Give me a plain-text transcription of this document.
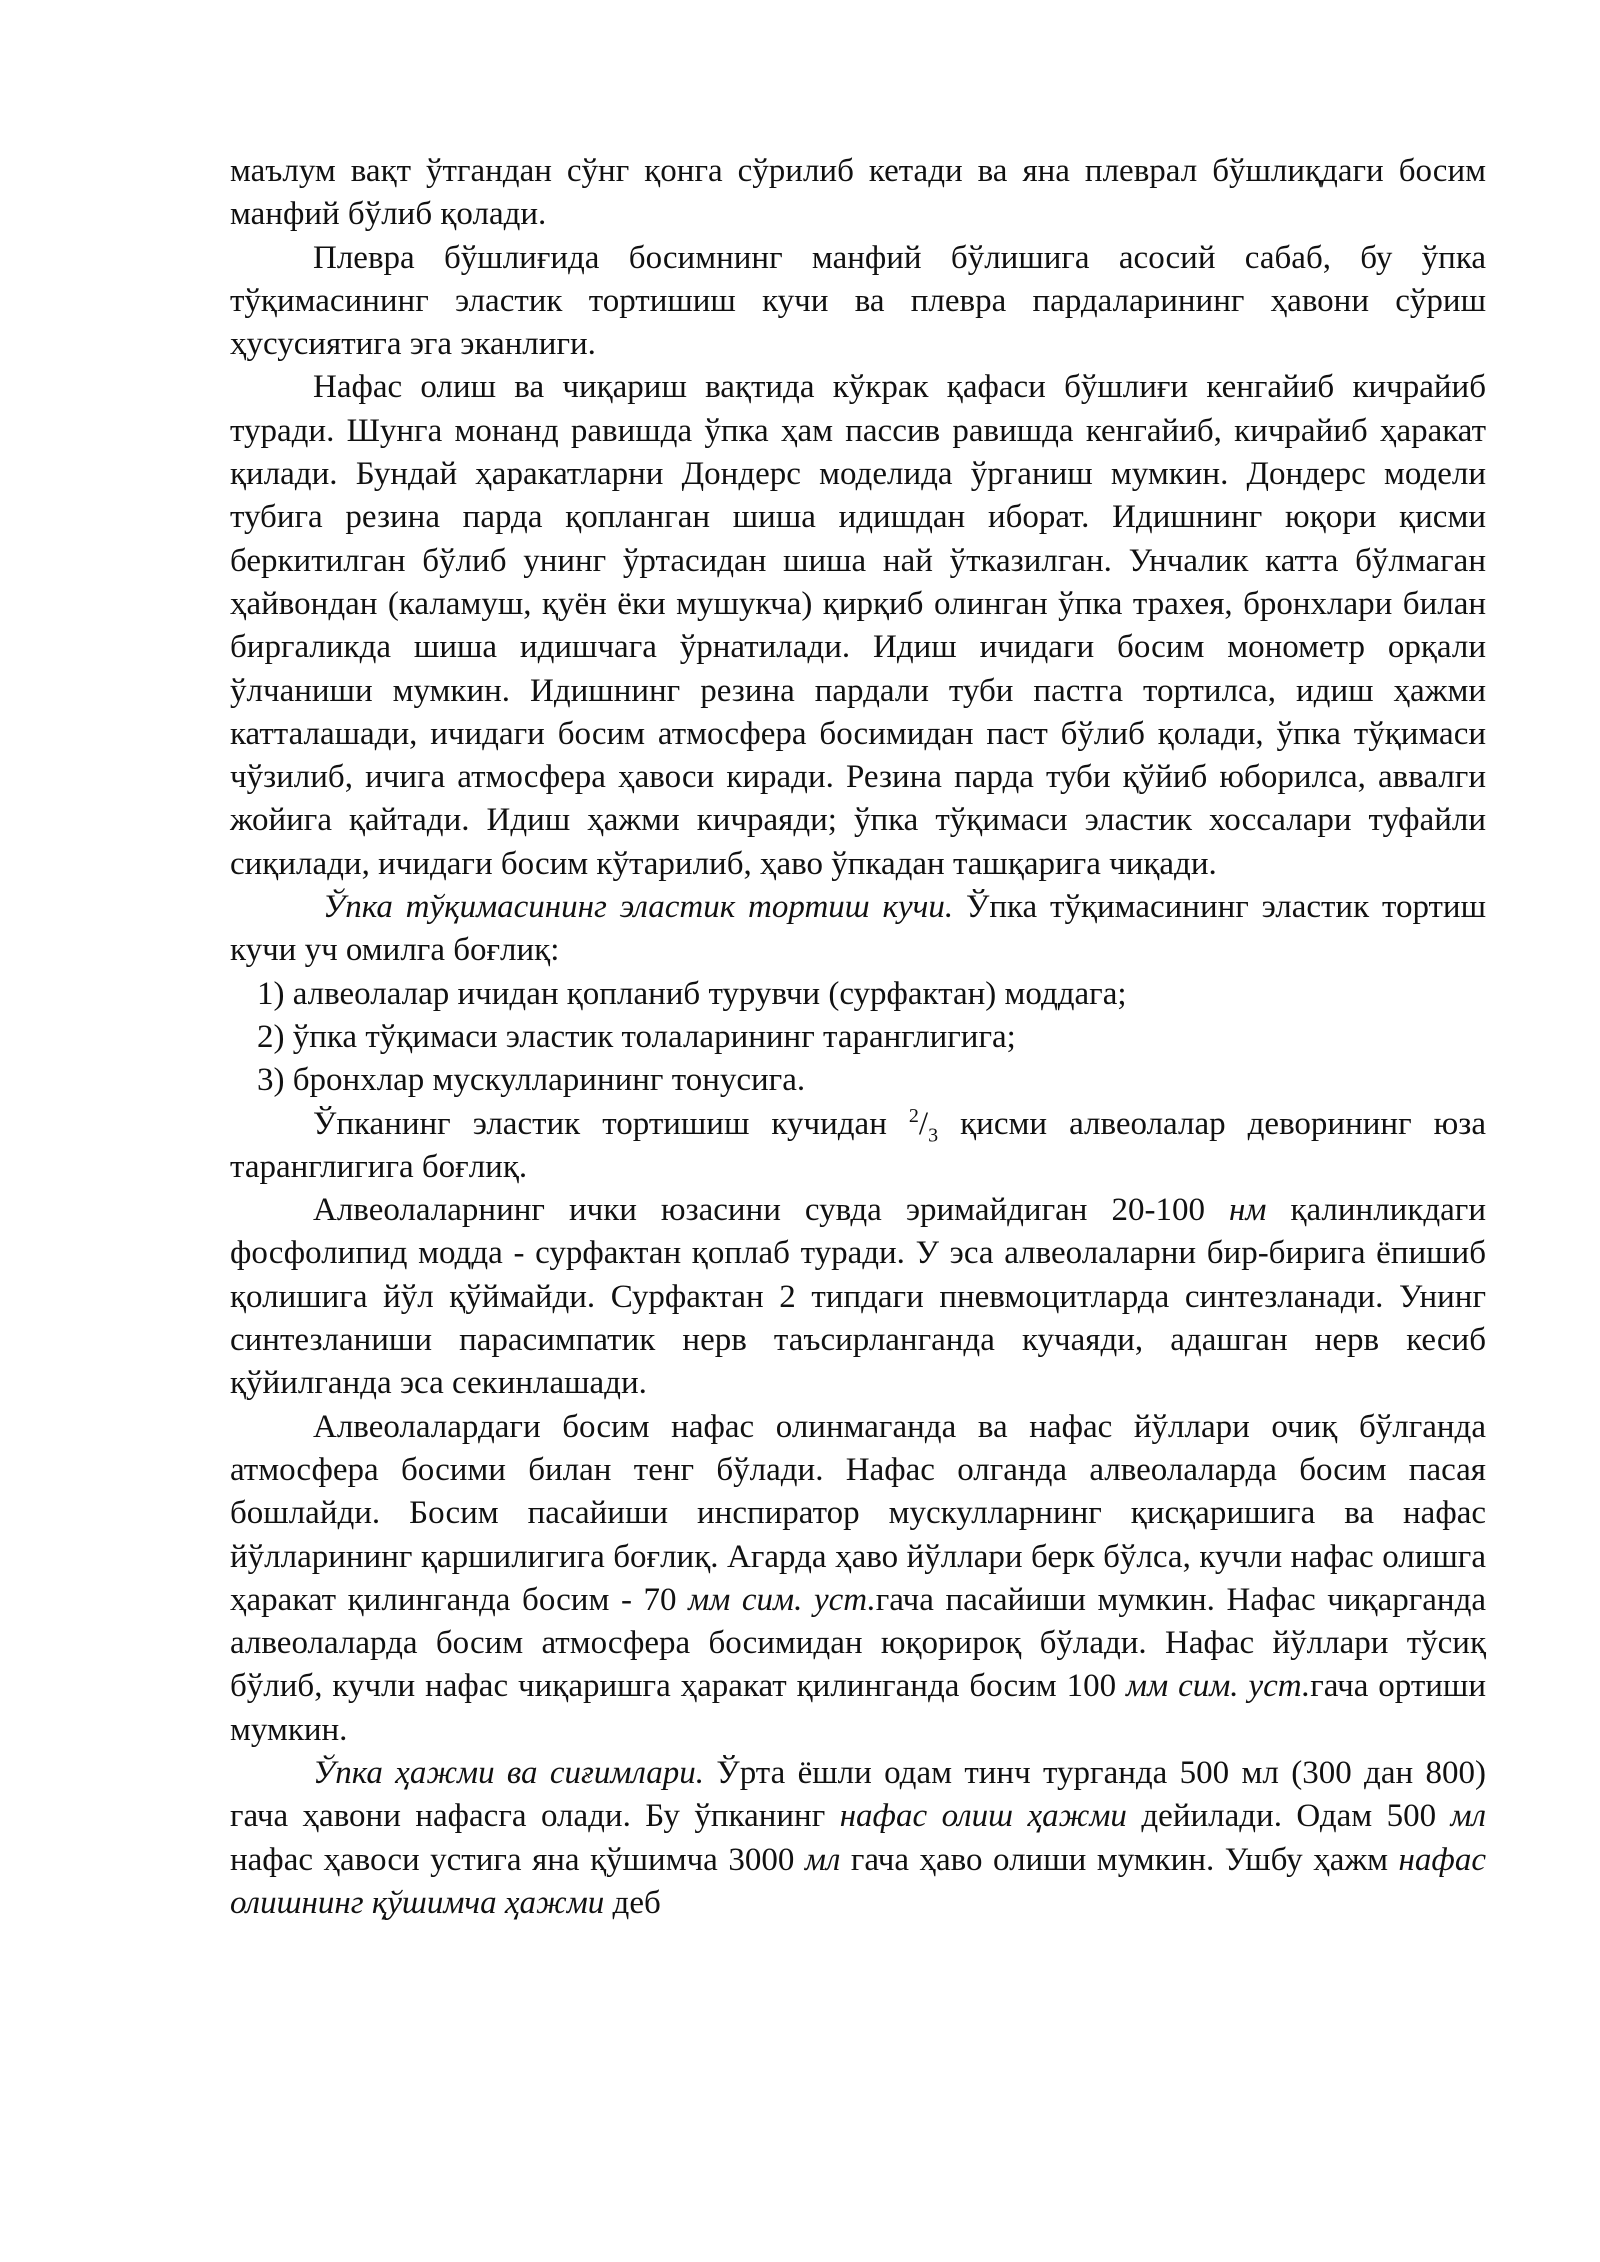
маълум вақт ўтгандан сўнг қонга сўрилиб кетади ва яна плеврал бўшлиқдаги босим манфий бўлиб қолади.

Плевра бўшлиғида босимнинг манфий бўлишига асосий сабаб, бу ўпка тўқимасининг эластик тортишиш кучи ва плевра пардаларининг ҳавони сўриш ҳусусиятига эга эканлиги.

Нафас олиш ва чиқариш вақтида кўкрак қафаси бўшлиғи кенгайиб кичрайиб туради. Шунга монанд равишда ўпка ҳам пассив равишда кенгайиб, кичрайиб ҳаракат қилади. Бундай ҳаракатларни Дондерс моделида ўрганиш мумкин. Дондерс модели тубига резина парда қопланган шиша идишдан иборат. Идишнинг юқори қисми беркитилган бўлиб унинг ўртасидан шиша най ўтказилган. Унчалик катта бўлмаган ҳайвондан (каламуш, қуён ёки мушукча) қирқиб олинган ўпка трахея, бронхлари билан биргаликда шиша идишчага ўрнатилади. Идиш ичидаги босим монометр орқали ўлчаниши мумкин. Идишнинг резина пардали туби пастга тортилса, идиш ҳажми катталашади, ичидаги босим атмосфера босимидан паст бўлиб қолади, ўпка тўқимаси чўзилиб, ичига атмосфера ҳавоси киради. Резина парда туби қўйиб юборилса, аввалги жойига қайтади. Идиш ҳажми кичраяди; ўпка тўқимаси эластик хоссалари туфайли сиқилади, ичидаги босим кўтарилиб, ҳаво ўпкадан ташқарига чиқади.

Ўпка тўқимасининг эластик тортиш кучи. Ўпка тўқимасининг эластик тортиш кучи уч омилга боғлиқ:

1) алвеолалар ичидан қопланиб турувчи (сурфактан) моддага;

2) ўпка тўқимаси эластик толаларининг таранглигига;

3) бронхлар мускулларининг тонусига.

Ўпканинг эластик тортишиш кучидан $^2/_3$ қисми алвеолалар деворининг юза таранглигига боғлиқ.

Алвеолаларнинг ички юзасини сувда эримайдиган 20-100 нм қалинликдаги фосфолипид модда - сурфактан қоплаб туради. У эса алвеолаларни бир-бирига ёпишиб қолишига йўл қўймайди. Сурфактан 2 типдаги пневмоцитларда синтезланади. Унинг синтезланиши парасимпатик нерв таъсирланганда кучаяди, адашган нерв кесиб қўйилганда эса секинлашади.

Алвеолалардаги босим нафас олинмаганда ва нафас йўллари очиқ бўлганда атмосфера босими билан тенг бўлади. Нафас олганда алвеолаларда босим пасая бошлайди. Босим пасайиши инспиратор мускулларнинг қисқаришига ва нафас йўлларининг қаршилигига боғлиқ. Агарда ҳаво йўллари берк бўлса, кучли нафас олишга ҳаракат қилинганда босим - 70 мм сим. уст.гача пасайиши мумкин. Нафас чиқарганда алвеолаларда босим атмосфера босимидан юқорироқ бўлади. Нафас йўллари тўсиқ бўлиб, кучли нафас чиқаришга ҳаракат қилинганда босим 100 мм сим. уст.гача ортиши мумкин.

Ўпка ҳажми ва сиғимлари. Ўрта ёшли одам тинч турганда 500 мл (300 дан 800) гача ҳавони нафасга олади. Бу ўпканинг нафас олиш ҳажми дейилади. Одам 500 мл нафас ҳавоси устига яна қўшимча 3000 мл гача ҳаво олиши мумкин. Ушбу ҳажм нафас олишнинг қўшимча ҳажми деб
